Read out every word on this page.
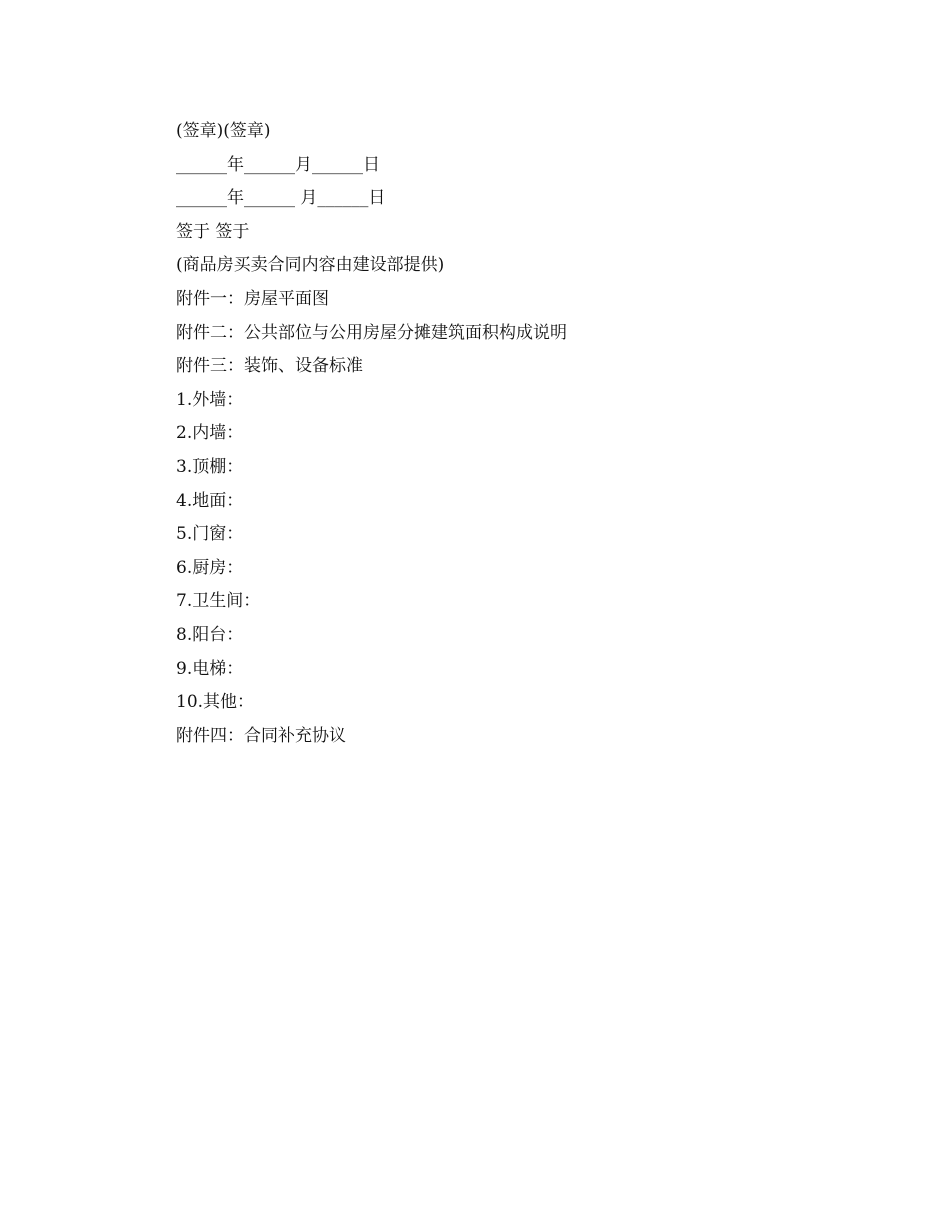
(签章)(签章)

______年______月______日

______年______ 月______日

签于 签于

(商品房买卖合同内容由建设部提供)

附件一：房屋平面图

附件二：公共部位与公用房屋分摊建筑面积构成说明

附件三：装饰、设备标准

1.外墙：

2.内墙：

3.顶棚：

4.地面：

5.门窗：

6.厨房：

7.卫生间：

8.阳台：

9.电梯：

10.其他：

附件四：合同补充协议
